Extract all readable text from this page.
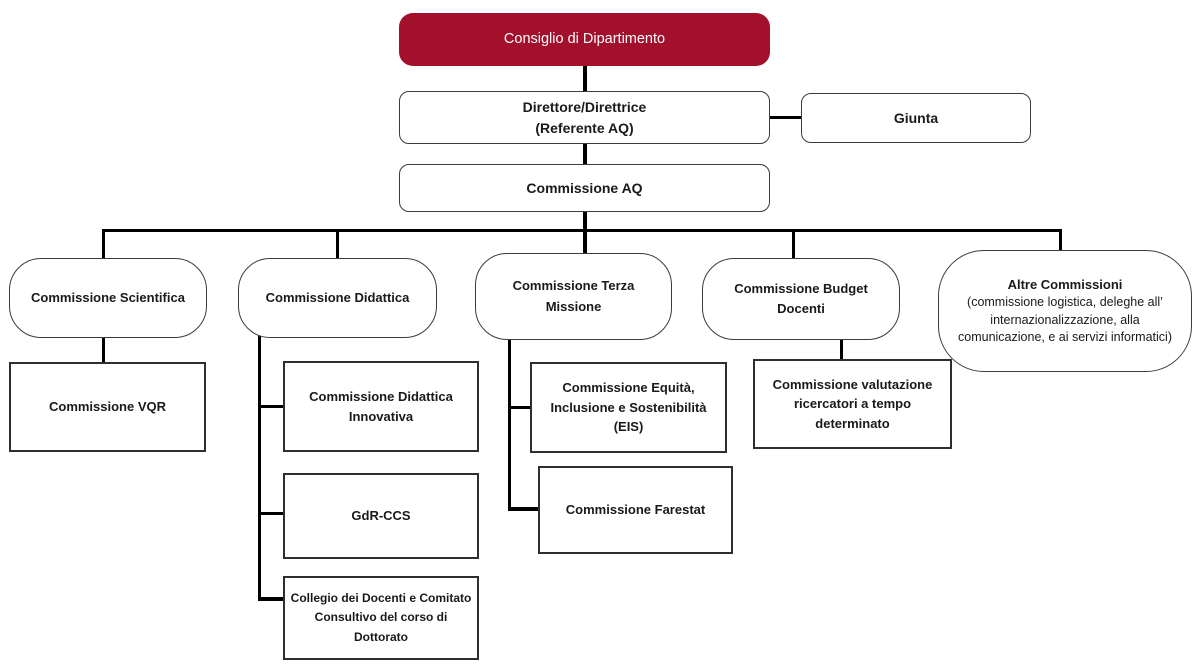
Consiglio di Dipartimento
Direttore/Direttrice
(Referente AQ)
Giunta
Commissione AQ
Commissione Scientifica	Commissione Didattica
Commissione Terza Missione
Commissione Budget Docenti
Altre Commissioni
(commissione logistica, deleghe all’ internazionalizzazione, alla comunicazione, e ai servizi informatici)
Commissione VQR
Commissione Didattica Innovativa
GdR-CCS
Collegio dei Docenti e Comitato Consultivo del corso di Dottorato
Commissione Equità, Inclusione e Sostenibilità (EIS)
Commissione Farestat
Commissione valutazione ricercatori a tempo determinato
